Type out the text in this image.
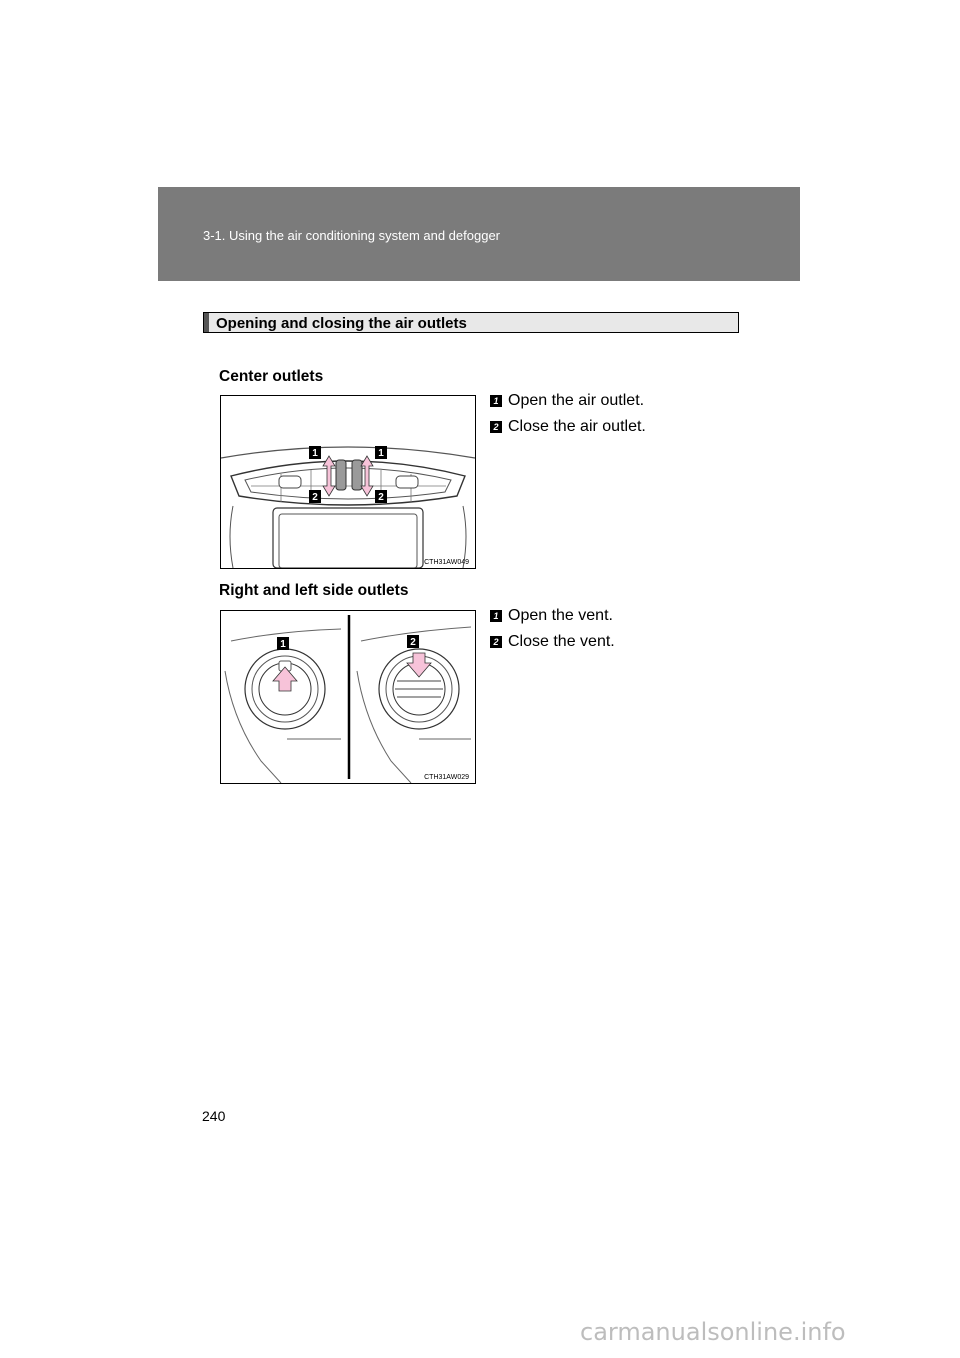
3-1. Using the air conditioning system and defogger
Opening and closing the air outlets
Center outlets
1	1
2	2
CTH31AW049
1 Open the air outlet.
2 Close the air outlet.
Right and left side outlets
1	2
CTH31AW029
1 Open the vent.
2 Close the vent.
240
carmanualsonline.info
